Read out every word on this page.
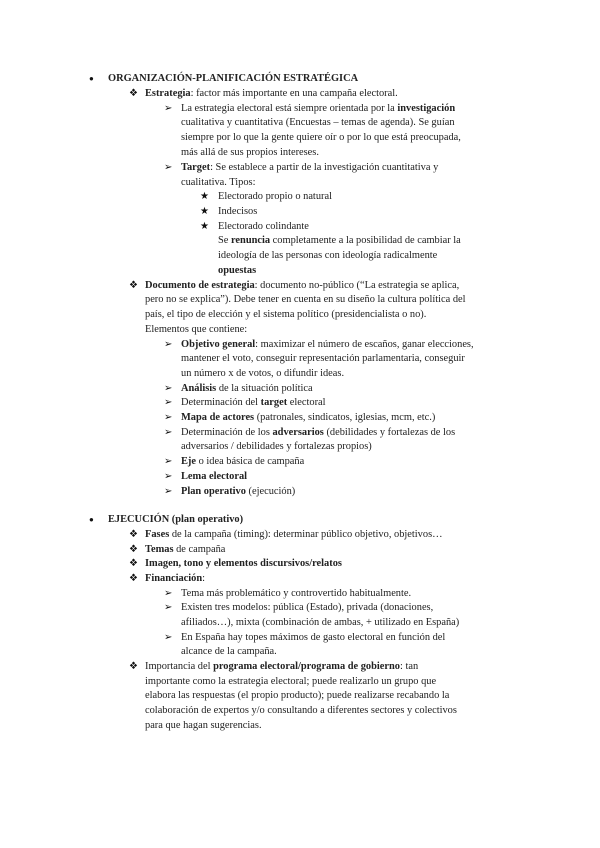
● ORGANIZACIÓN-PLANIFICACIÓN ESTRATÉGICA
❖ Estrategia: factor más importante en una campaña electoral.
➢ La estrategia electoral está siempre orientada por la investigación
cualitativa y cuantitativa (Encuestas – temas de agenda). Se guían
siempre por lo que la gente quiere oír o por lo que está preocupada,
más allá de sus propios intereses.
➢ Target: Se establece a partir de la investigación cuantitativa y
cualitativa. Tipos:
★ Electorado propio o natural
★ Indecisos
★ Electorado colindante
Se renuncia completamente a la posibilidad de cambiar la
ideología de las personas con ideología radicalmente
opuestas
❖ Documento de estrategia: documento no-público (“La estrategia se aplica,
pero no se explica”). Debe tener en cuenta en su diseño la cultura política del
país, el tipo de elección y el sistema político (presidencialista o no).
Elementos que contiene:
➢ Objetivo general: maximizar el número de escaños, ganar elecciones,
mantener el voto, conseguir representación parlamentaria, conseguir
un número x de votos, o difundir ideas.
➢ Análisis de la situación política
➢ Determinación del target electoral
➢ Mapa de actores (patronales, sindicatos, iglesias, mcm, etc.)
➢ Determinación de los adversarios (debilidades y fortalezas de los
adversarios / debilidades y fortalezas propios)
➢ Eje o idea básica de campaña
➢ Lema electoral
➢ Plan operativo (ejecución)
● EJECUCIÓN (plan operativo)
❖ Fases de la campaña (timing): determinar público objetivo, objetivos…
❖ Temas de campaña
❖ Imagen, tono y elementos discursivos/relatos
❖ Financiación:
➢ Tema más problemático y controvertido habitualmente.
➢ Existen tres modelos: pública (Estado), privada (donaciones,
afiliados…), mixta (combinación de ambas, + utilizado en España)
➢ En España hay topes máximos de gasto electoral en función del
alcance de la campaña.
❖ Importancia del programa electoral/programa de gobierno: tan
importante como la estrategia electoral; puede realizarlo un grupo que
elabora las respuestas (el propio producto); puede realizarse recabando la
colaboración de expertos y/o consultando a diferentes sectores y colectivos
para que hagan sugerencias.
